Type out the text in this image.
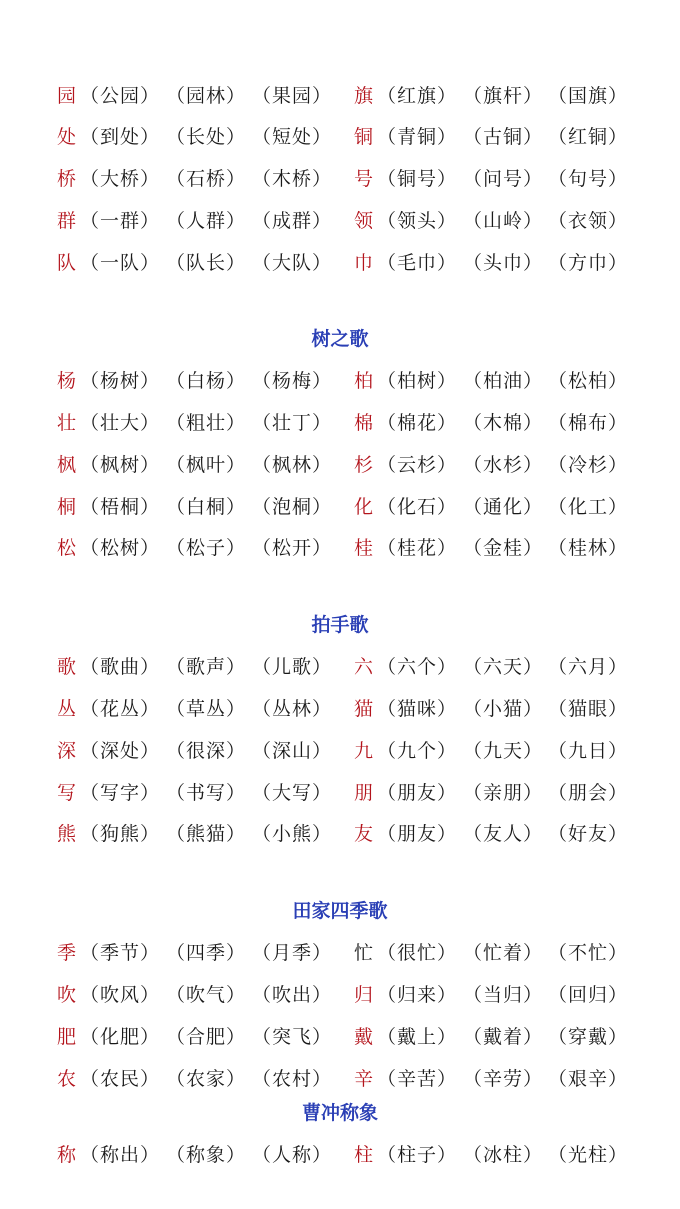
园 （公园） （园林） （果园） 旗 （红旗） （旗杆） （国旗）
处 （到处） （长处） （短处） 铜 （青铜） （古铜） （红铜）
桥 （大桥） （石桥） （木桥） 号 （铜号） （问号） （句号）
群 （一群） （人群） （成群） 领 （领头） （山岭） （衣领）
队 （一队） （队长） （大队） 巾 （毛巾） （头巾） （方巾）
树之歌
杨 （杨树） （白杨） （杨梅） 柏 （柏树） （柏油） （松柏）
壮 （壮大） （粗壮） （壮丁） 棉 （棉花） （木棉） （棉布）
枫 （枫树） （枫叶） （枫林） 杉 （云杉） （水杉） （冷杉）
桐 （梧桐） （白桐） （泡桐） 化 （化石） （通化） （化工）
松 （松树） （松子） （松开） 桂 （桂花） （金桂） （桂林）
拍手歌
歌 （歌曲） （歌声） （儿歌） 六 （六个） （六天） （六月）
丛 （花丛） （草丛） （丛林） 猫 （猫咪） （小猫） （猫眼）
深 （深处） （很深） （深山） 九 （九个） （九天） （九日）
写 （写字） （书写） （大写） 朋 （朋友） （亲朋） （朋会）
熊 （狗熊） （熊猫） （小熊） 友 （朋友） （友人） （好友）
田家四季歌
季 （季节） （四季） （月季） 忙 （很忙） （忙着） （不忙）
吹 （吹风） （吹气） （吹出） 归 （归来） （当归） （回归）
肥 （化肥） （合肥） （突飞） 戴 （戴上） （戴着） （穿戴）
农 （农民） （农家） （农村） 辛 （辛苦） （辛劳） （艰辛）
曹冲称象
称 （称出） （称象） （人称） 柱 （柱子） （冰柱） （光柱）
